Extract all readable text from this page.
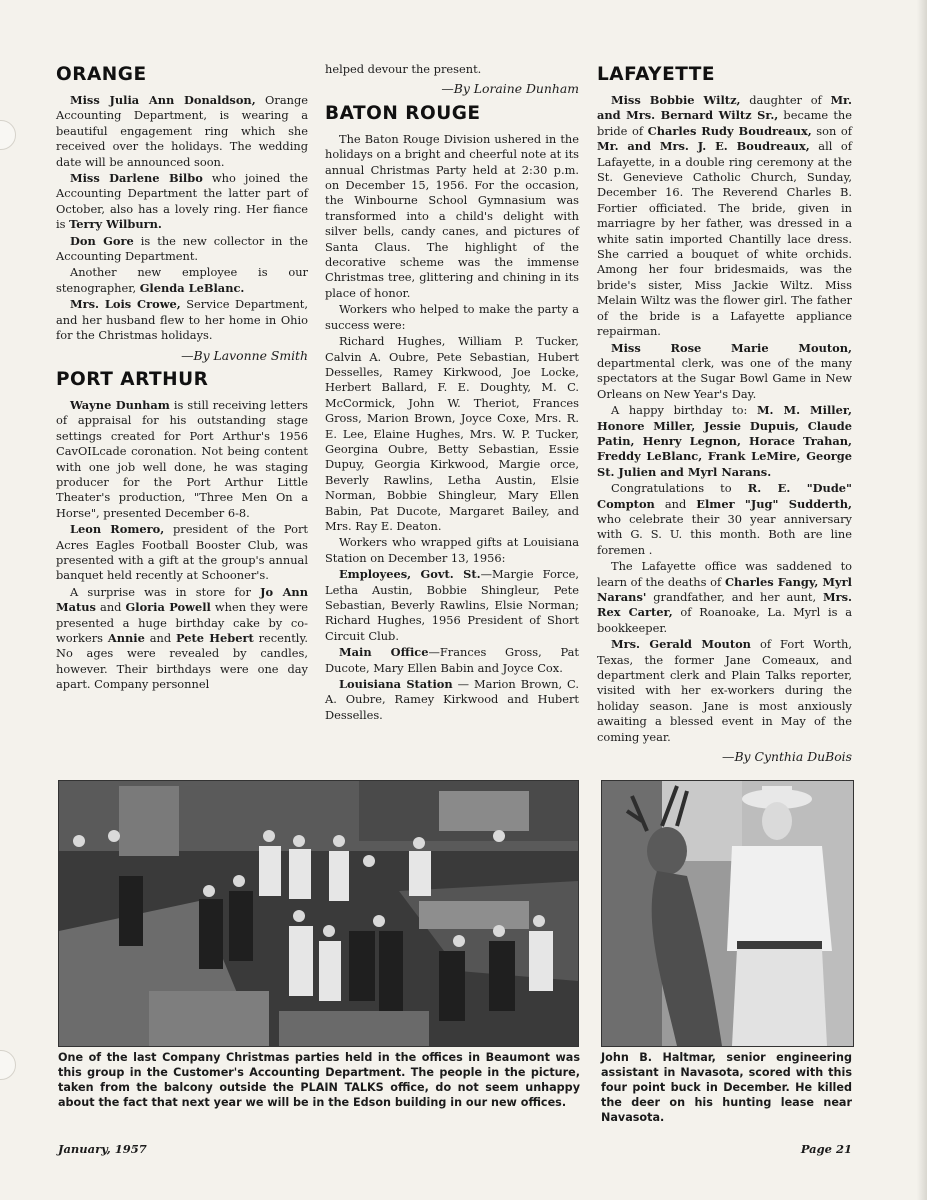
ORANGE

Miss Julia Ann Donaldson, Orange Accounting Department, is wearing a beautiful engagement ring which she received over the holidays. The wedding date will be announced soon.

Miss Darlene Bilbo who joined the Accounting Department the latter part of October, also has a lovely ring. Her fiance is Terry Wilburn.

Don Gore is the new collector in the Accounting Department.

Another new employee is our stenographer, Glenda LeBlanc.

Mrs. Lois Crowe, Service Department, and her husband flew to her home in Ohio for the Christmas holidays.

—By Lavonne Smith
PORT ARTHUR

Wayne Dunham is still receiving letters of appraisal for his outstanding stage settings created for Port Arthur's 1956 CavOILcade coronation. Not being content with one job well done, he was staging producer for the Port Arthur Little Theater's production, "Three Men On a Horse", presented December 6-8.

Leon Romero, president of the Port Acres Eagles Football Booster Club, was presented with a gift at the group's annual banquet held recently at Schooner's.

A surprise was in store for Jo Ann Matus and Gloria Powell when they were presented a huge birthday cake by co-workers Annie and Pete Hebert recently. No ages were revealed by candles, however. Their birthdays were one day apart. Company personnel

helped devour the present.

—By Loraine Dunham
BATON ROUGE

The Baton Rouge Division ushered in the holidays on a bright and cheerful note at its annual Christmas Party held at 2:30 p.m. on December 15, 1956. For the occasion, the Winbourne School Gymnasium was transformed into a child's delight with silver bells, candy canes, and pictures of Santa Claus. The highlight of the decorative scheme was the immense Christmas tree, glittering and chining in its place of honor.

Workers who helped to make the party a success were:

Richard Hughes, William P. Tucker, Calvin A. Oubre, Pete Sebastian, Hubert Desselles, Ramey Kirkwood, Joe Locke, Herbert Ballard, F. E. Doughty, M. C. McCormick, John W. Theriot, Frances Gross, Marion Brown, Joyce Coxe, Mrs. R. E. Lee, Elaine Hughes, Mrs. W. P. Tucker, Georgina Oubre, Betty Sebastian, Essie Dupuy, Georgia Kirkwood, Margie orce, Beverly Rawlins, Letha Austin, Elsie Norman, Bobbie Shingleur, Mary Ellen Babin, Pat Ducote, Margaret Bailey, and Mrs. Ray E. Deaton.

Workers who wrapped gifts at Louisiana Station on December 13, 1956:

Employees, Govt. St.—Margie Force, Letha Austin, Bobbie Shingleur, Pete Sebastian, Beverly Rawlins, Elsie Norman; Richard Hughes, 1956 President of Short Circuit Club.

Main Office—Frances Gross, Pat Ducote, Mary Ellen Babin and Joyce Cox.

Louisiana Station — Marion Brown, C. A. Oubre, Ramey Kirkwood and Hubert Desselles.

LAFAYETTE

Miss Bobbie Wiltz, daughter of Mr. and Mrs. Bernard Wiltz Sr., became the bride of Charles Rudy Boudreaux, son of Mr. and Mrs. J. E. Boudreaux, all of Lafayette, in a double ring ceremony at the St. Genevieve Catholic Church, Sunday, December 16. The Reverend Charles B. Fortier officiated. The bride, given in marriagre by her father, was dressed in a white satin imported Chantilly lace dress. She carried a bouquet of white orchids. Among her four bridesmaids, was the bride's sister, Miss Jackie Wiltz. Miss Melain Wiltz was the flower girl. The father of the bride is a Lafayette appliance repairman.

Miss Rose Marie Mouton, departmental clerk, was one of the many spectators at the Sugar Bowl Game in New Orleans on New Year's Day.

A happy birthday to: M. M. Miller, Honore Miller, Jessie Dupuis, Claude Patin, Henry Legnon, Horace Trahan, Freddy LeBlanc, Frank LeMire, George St. Julien and Myrl Narans.

Congratulations to R. E. "Dude" Compton and Elmer "Jug" Sudderth, who celebrate their 30 year anniversary with G. S. U. this month. Both are line foremen .

The Lafayette office was saddened to learn of the deaths of Charles Fangy, Myrl Narans' grandfather, and her aunt, Mrs. Rex Carter, of Roanoake, La. Myrl is a bookkeeper.

Mrs. Gerald Mouton of Fort Worth, Texas, the former Jane Comeaux, and department clerk and Plain Talks reporter, visited with her ex-workers during the holiday season. Jane is most anxiously awaiting a blessed event in May of the coming year.

—By Cynthia DuBois

One of the last Company Christmas parties held in the offices in Beaumont was this group in the Customer's Accounting Department. The people in the picture, taken from the balcony outside the PLAIN TALKS office, do not seem unhappy about the fact that next year we will be in the Edson building in our new offices.

John B. Haltmar, senior engineering assistant in Navasota, scored with this four point buck in December. He killed the deer on his hunting lease near Navasota.

January, 1957	Page 21
